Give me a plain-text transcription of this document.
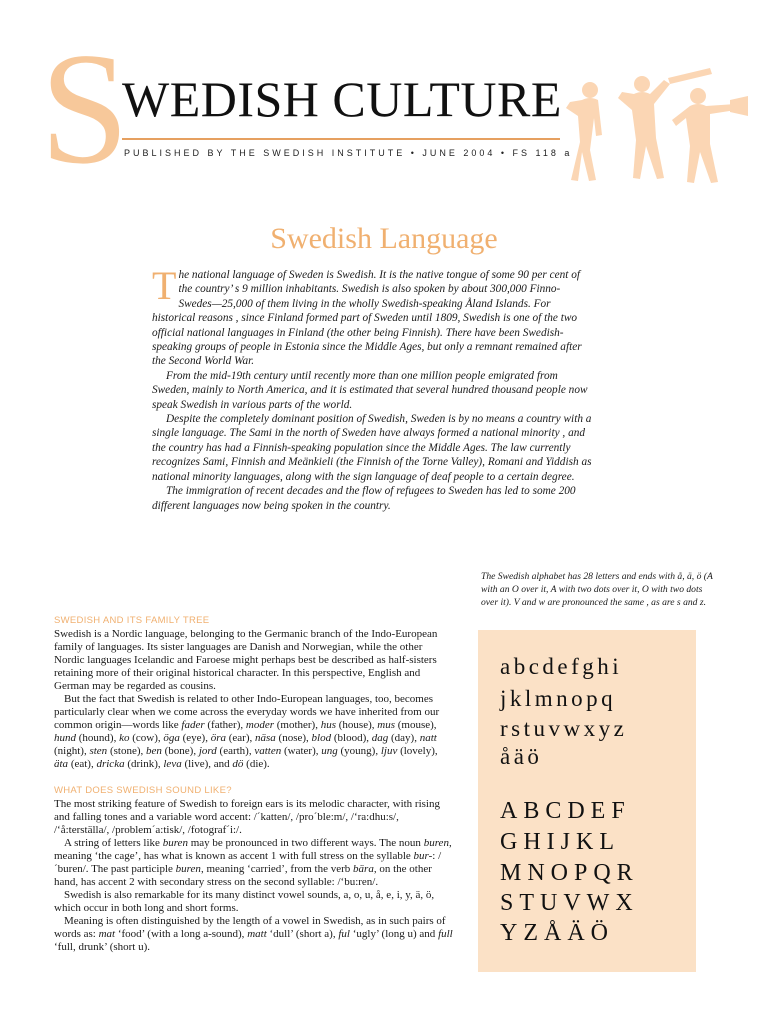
S
WEDISH CULTURE
PUBLISHED BY THE SWEDISH INSTITUTE • JUNE 2004 • FS 118 a
Swedish Language

The national language of Sweden is Swedish. It is the native tongue of some 90 per cent of the country’ s 9 million inhabitants. Swedish is also spoken by about 300,000 Finno-Swedes—25,000 of them living in the wholly Swedish-speaking Åland Islands. For historical reasons , since Finland formed part of Sweden until 1809, Swedish is one of the two official national languages in Finland (the other being Finnish). There have been Swedish-speaking groups of people in Estonia since the Middle Ages, but only a remnant remained after the Second World War.

From the mid-19th century until recently more than one million people emigrated from Sweden, mainly to North America, and it is estimated that several hundred thousand people now speak Swedish in various parts of the world.

Despite the completely dominant position of Swedish, Sweden is by no means a country with a single language. The Sami in the north of Sweden have always formed a national minority , and the country has had a Finnish-speaking population since the Middle Ages. The law currently recognizes Sami, Finnish and Meänkieli (the Finnish of the Torne Valley), Romani and Yiddish as national minority languages, along with the sign language of deaf people to a certain degree.

The immigration of recent decades and the flow of refugees to Sweden has led to some 200 different languages now being spoken in the country.

The Swedish alphabet has 28 letters and ends with å, ä, ö (A with an O over it, A with two dots over it, O with two dots over it). V and w are pronounced the same , as are s and z.
abcdefghi
jklmnopq
rstuvwxyz
åäö
ABCDEF
GHIJKL
MNOPQR
STUVWX
YZÅÄÖ
SWEDISH AND ITS FAMILY TREE

Swedish is a Nordic language, belonging to the Germanic branch of the Indo-European family of languages. Its sister languages are Danish and Norwegian, while the other Nordic languages Icelandic and Faroese might perhaps best be described as half-sisters retaining more of their original historical character. In this perspective, English and German may be regarded as cousins.

But the fact that Swedish is related to other Indo-European languages, too, becomes particularly clear when we come across the everyday words we have inherited from our common origin—words like fader (father), moder (mother), hus (house), mus (mouse), hund (hound), ko (cow), öga (eye), öra (ear), näsa (nose), blod (blood), dag (day), natt (night), sten (stone), ben (bone), jord (earth), vatten (water), ung (young), ljuv (lovely), äta (eat), dricka (drink), leva (live), and dö (die).

WHAT DOES SWEDISH SOUND LIKE?

The most striking feature of Swedish to foreign ears is its melodic character, with rising and falling tones and a variable word accent: /´katten/, /pro´ble:m/, /‘ra:dhu:s/, /‘å:terställa/, /problem´a:tisk/, /fotograf´i:/.

A string of letters like buren may be pronounced in two different ways. The noun buren, meaning ‘the cage’, has what is known as accent 1 with full stress on the syllable bur-: /´buren/. The past participle buren, meaning ‘carried’, from the verb bära, on the other hand, has accent 2 with secondary stress on the second syllable: /‘bu:ren/.

Swedish is also remarkable for its many distinct vowel sounds, a, o, u, å, e, i, y, ä, ö, which occur in both long and short forms.

Meaning is often distinguished by the length of a vowel in Swedish, as in such pairs of words as: mat ‘food’ (with a long a-sound), matt ‘dull’ (short a), ful ‘ugly’ (long u) and full ‘full, drunk’ (short u).
